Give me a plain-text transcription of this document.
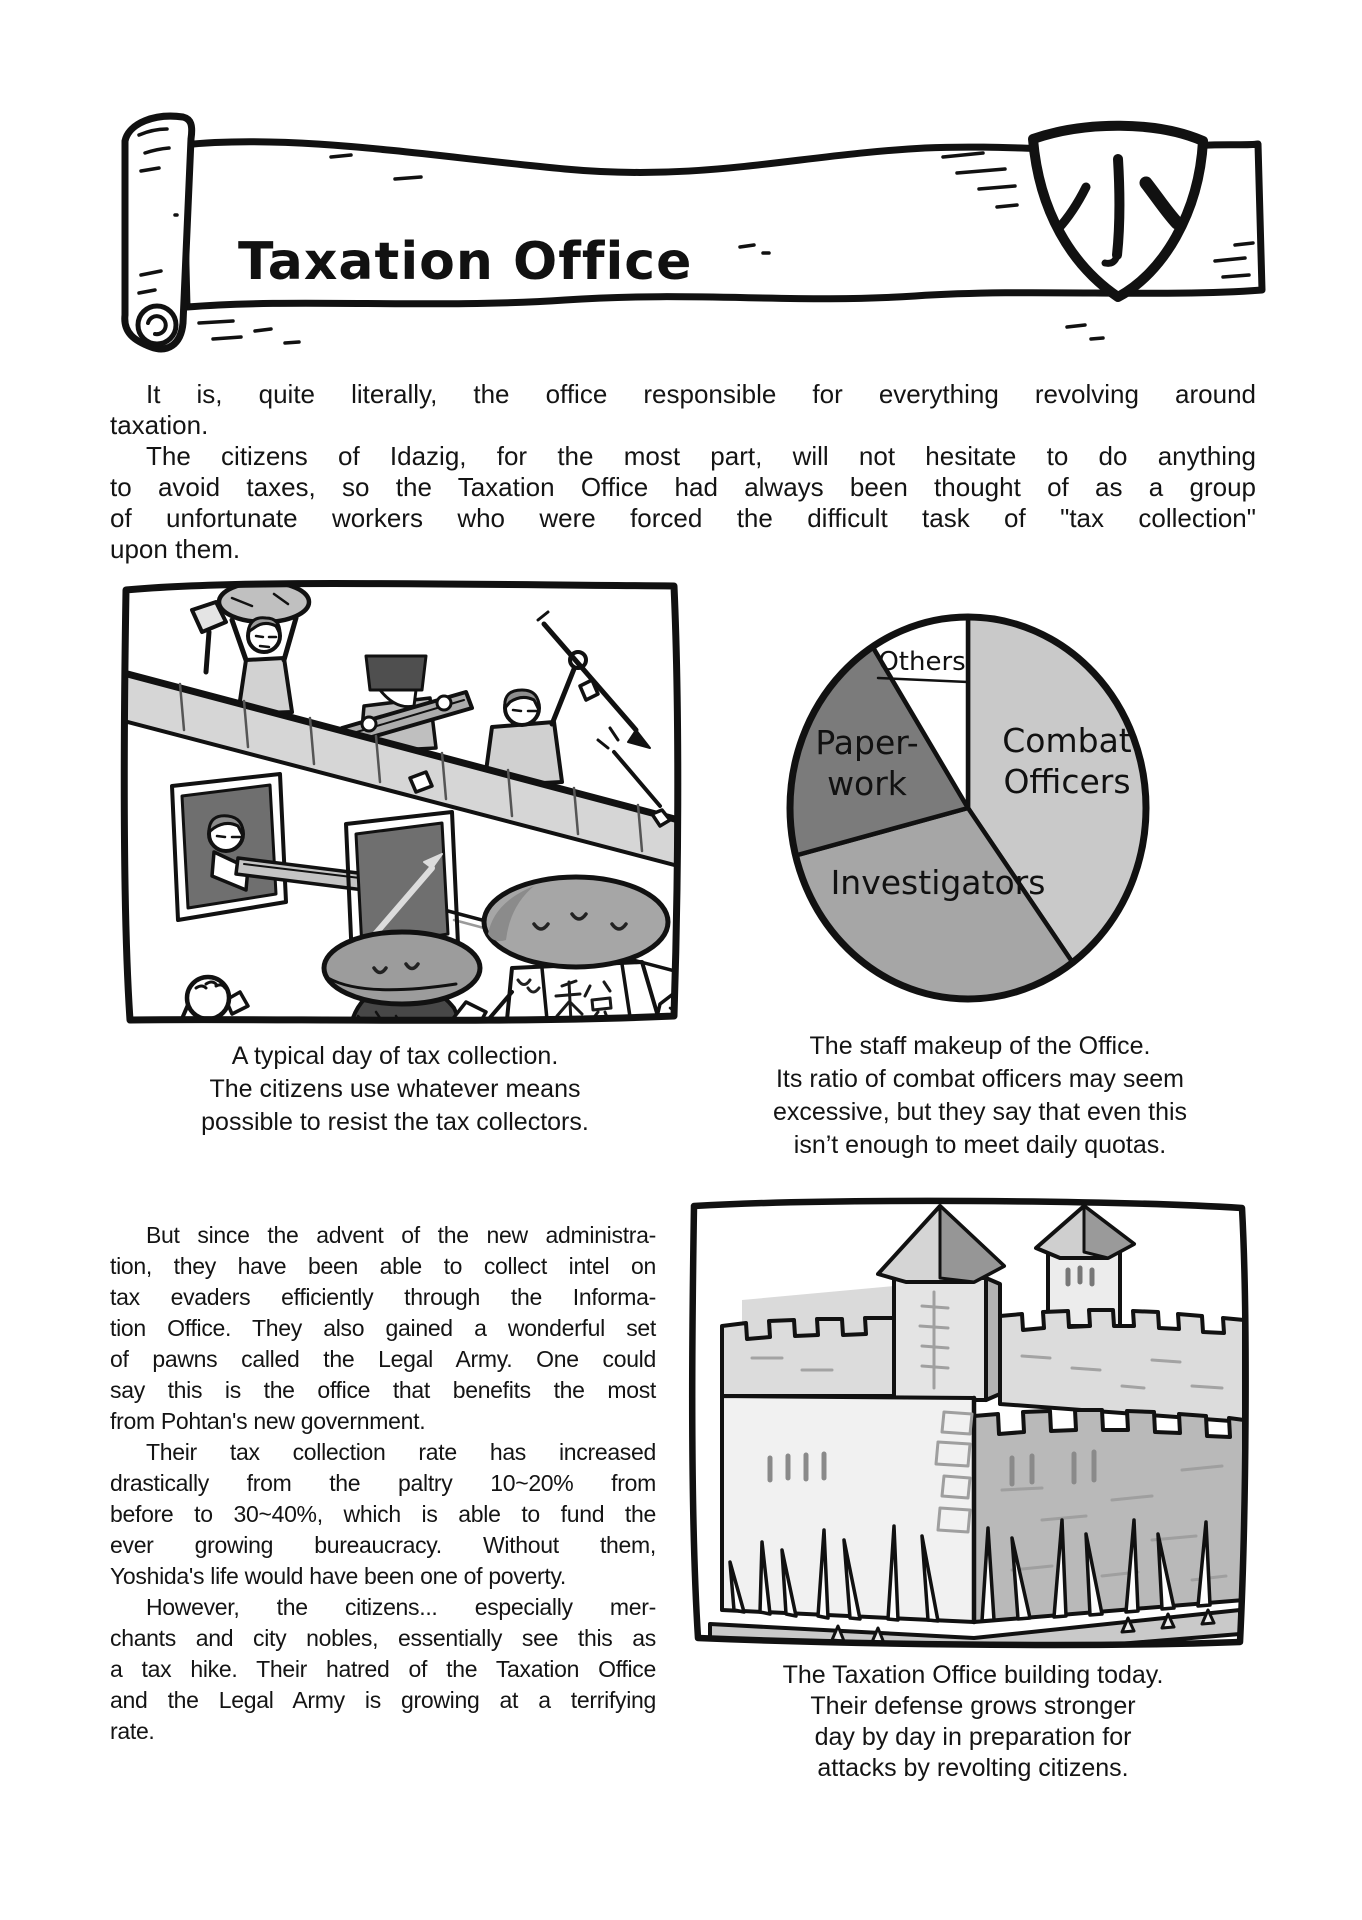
Taxation Office
It is, quite literally, the office responsible for everything revolving around
taxation.
The citizens of Idazig, for the most part, will not hesitate to do anything
to avoid taxes, so the Taxation Office had always been thought of as a group
of unfortunate workers who were forced the difficult task of "tax collection"
upon them.
Combat Officers
Investigators
Paper-work
Others
A typical day of tax collection.
The citizens use whatever means
possible to resist the tax collectors.
The staff makeup of the Office.
Its ratio of combat officers may seem
excessive, but they say that even this
isn’t enough to meet daily quotas.
But since the advent of the new administra-
tion, they have been able to collect intel on
tax evaders efficiently through the Informa-
tion Office. They also gained a wonderful set
of pawns called the Legal Army. One could
say this is the office that benefits the most
from Pohtan's new government.
Their tax collection rate has increased
drastically from the paltry 10~20% from
before to 30~40%, which is able to fund the
ever growing bureaucracy. Without them,
Yoshida's life would have been one of poverty.
However, the citizens... especially mer-
chants and city nobles, essentially see this as
a tax hike. Their hatred of the Taxation Office
and the Legal Army is growing at a terrifying
rate.
The Taxation Office building today.
Their defense grows stronger
day by day in preparation for
attacks by revolting citizens.
